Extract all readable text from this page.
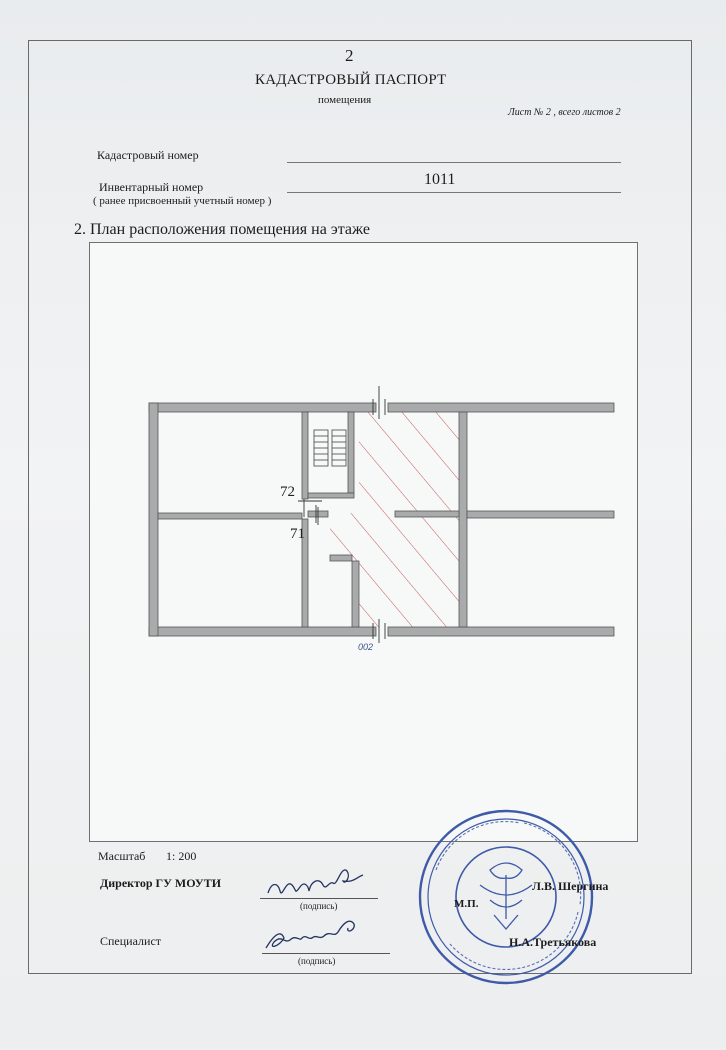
2
КАДАСТРОВЫЙ ПАСПОРТ
помещения
Лист № 2 , всего листов 2
Кадастровый номер
Инвентарный номер	1011
( ранее присвоенный учетный номер )
2. План расположения помещения на этаже
72
71
002
Масштаб 1: 200
Директор ГУ МОУТИ
(подпись)
Специалист
(подпись)
М.П.
Л.В. Шергина
Н.А.Третьякова
